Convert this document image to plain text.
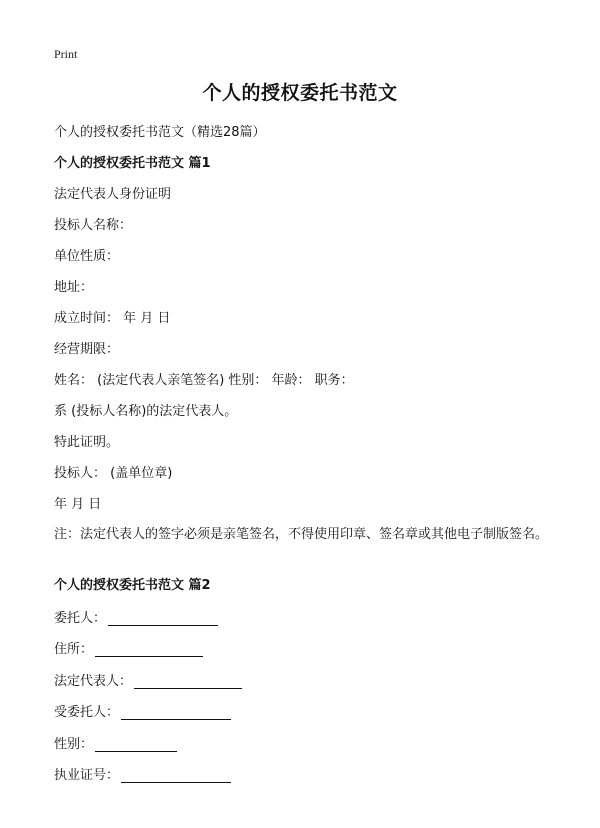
Print
个人的授权委托书范文
个人的授权委托书范文（精选28篇）
个人的授权委托书范文 篇1
法定代表人身份证明
投标人名称：
单位性质：
地址：
成立时间： 年 月 日
经营期限：
姓名： (法定代表人亲笔签名) 性别： 年龄： 职务：
系 (投标人名称)的法定代表人。
特此证明。
投标人： (盖单位章)
年 月 日
注：法定代表人的签字必须是亲笔签名，不得使用印章、签名章或其他电子制版签名。
个人的授权委托书范文 篇2
委托人：
住所：
法定代表人：
受委托人：
性别：
执业证号：
